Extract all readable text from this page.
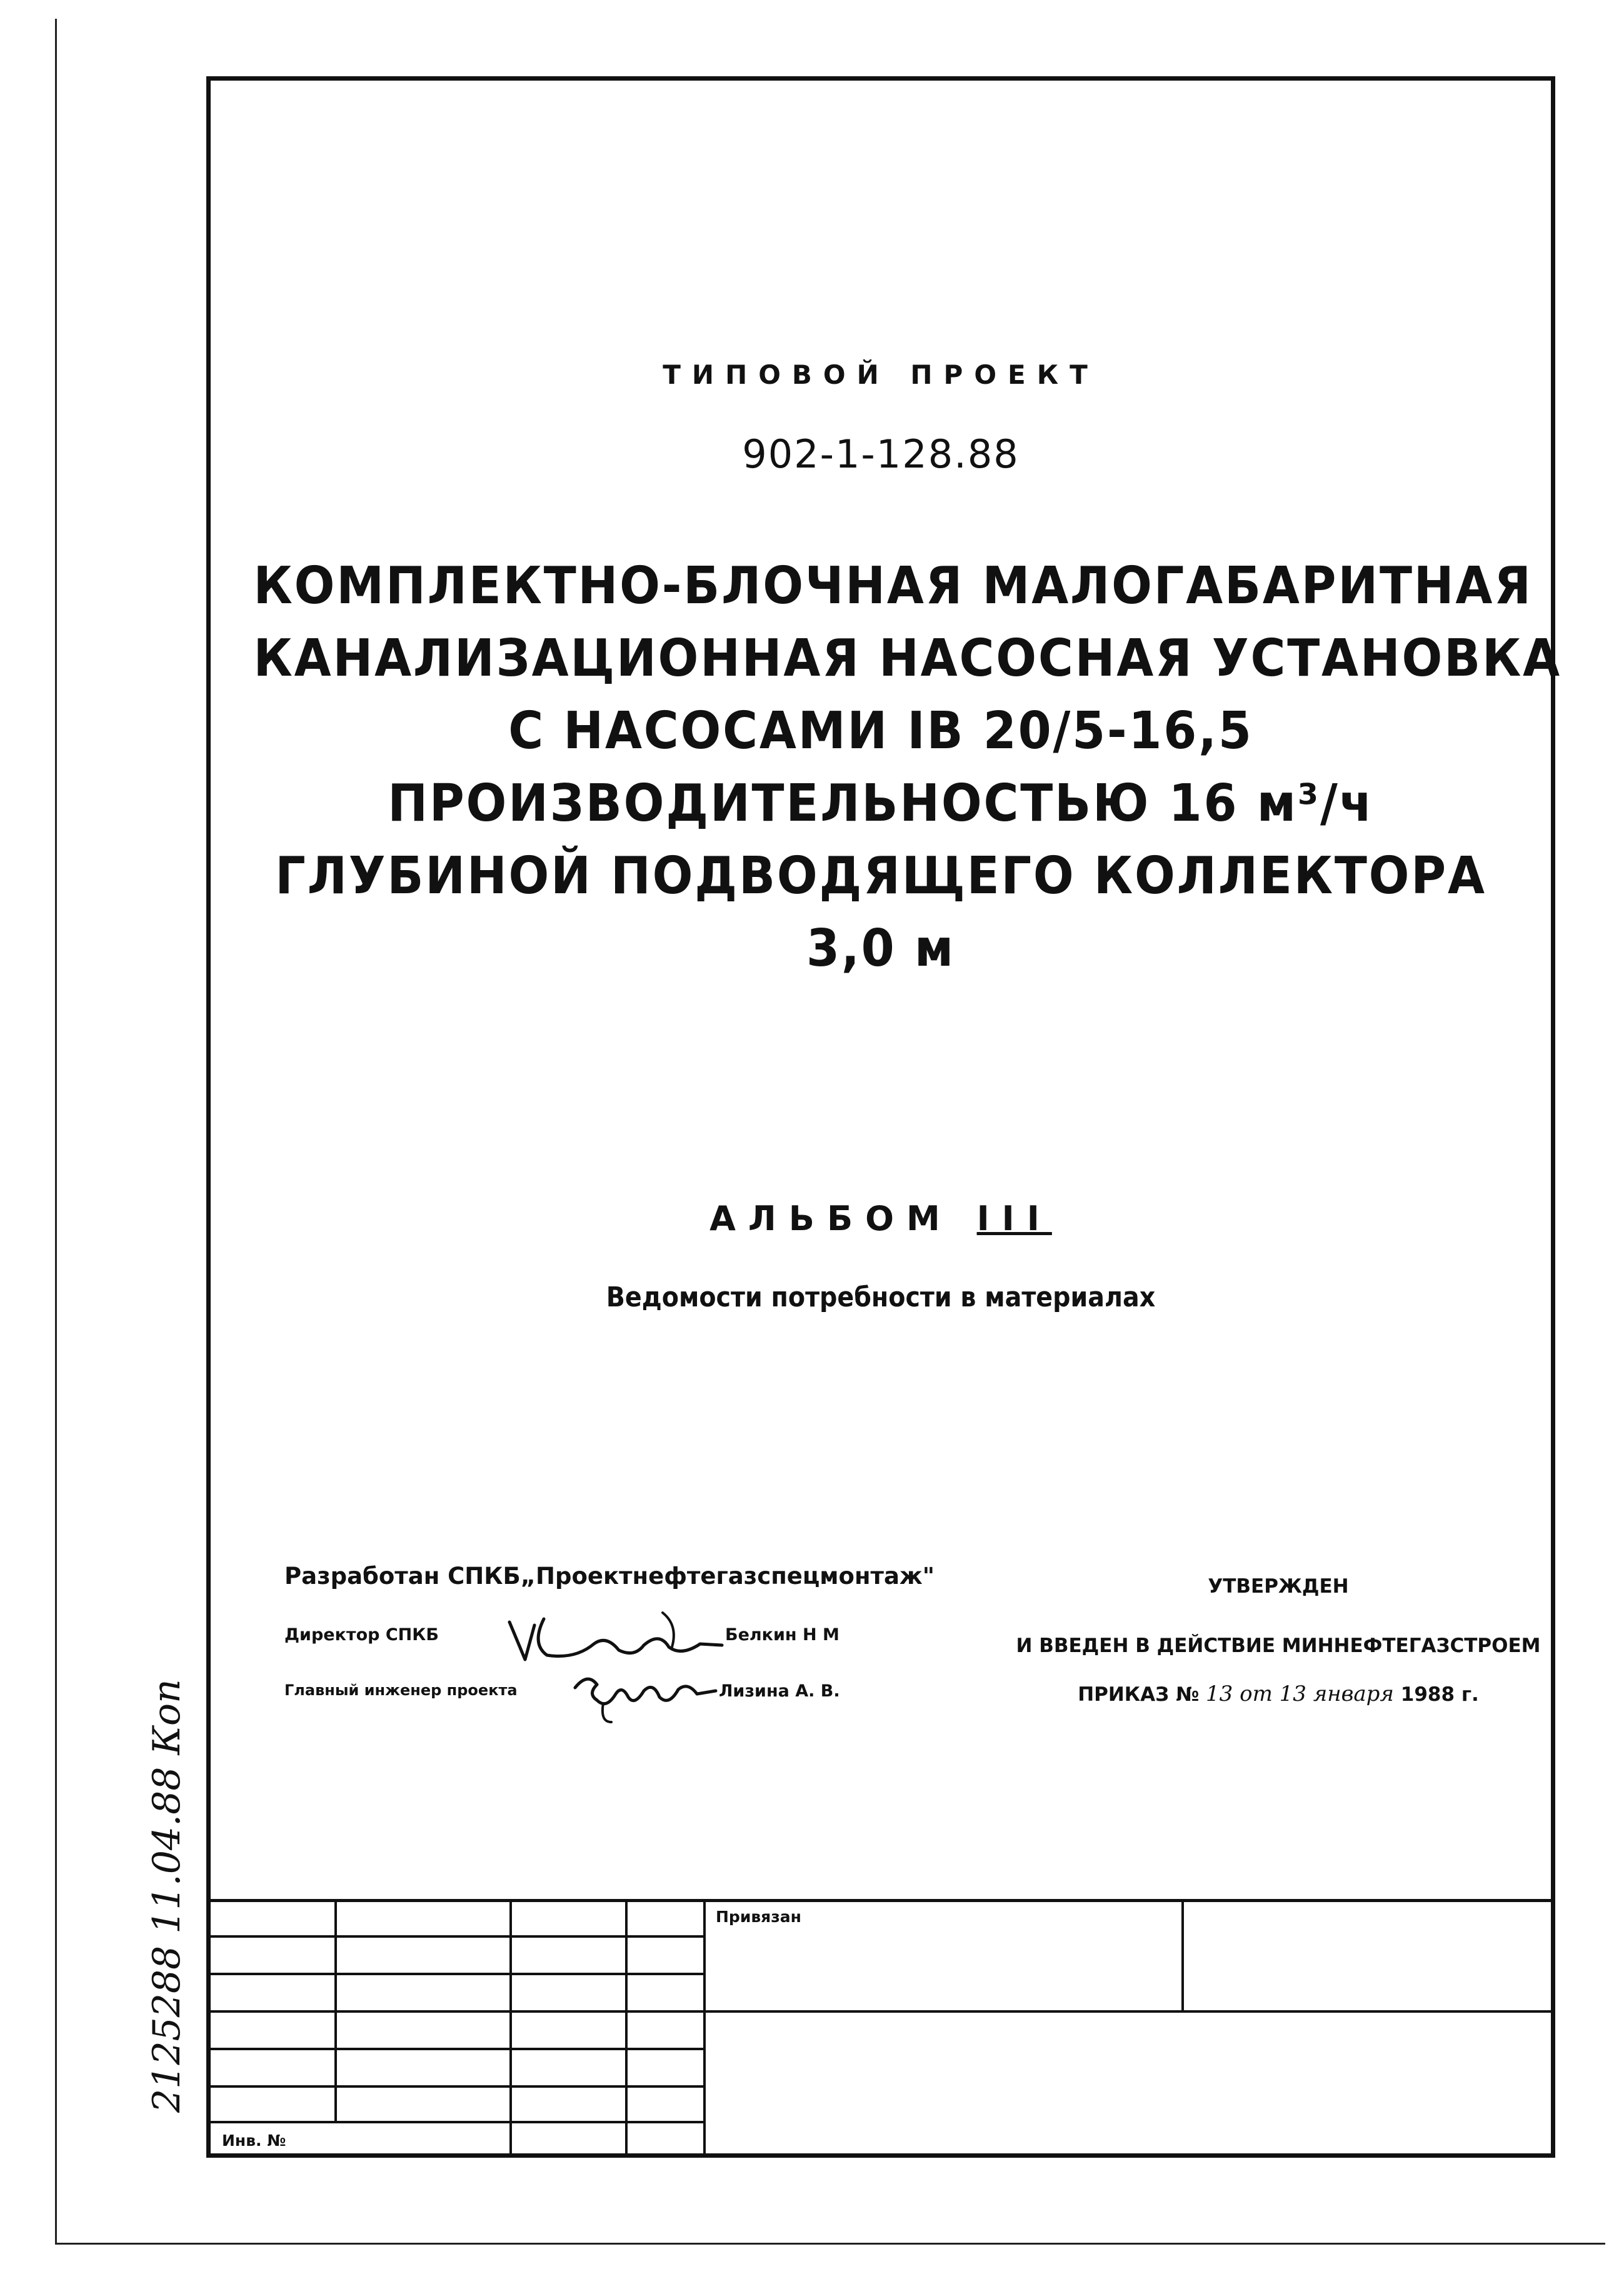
ТИПОВОЙ ПРОЕКТ
902-1-128.88
КОМПЛЕКТНО-БЛОЧНАЯ МАЛОГАБАРИТНАЯ
КАНАЛИЗАЦИОННАЯ НАСОСНАЯ УСТАНОВКА
С НАСОСАМИ IВ 20/5-16,5
ПРОИЗВОДИТЕЛЬНОСТЬЮ 16 м³/ч
ГЛУБИНОЙ ПОДВОДЯЩЕГО КОЛЛЕКТОРА
3,0 м
АЛЬБОМ III
Ведомости потребности в материалах
Разработан СПКБ„Проектнефтегазспецмонтаж"
Директор СПКБ	Белкин Н М
Главный инженер проекта	Лизина А. В.
УТВЕРЖДЕН
И ВВЕДЕН В ДЕЙСТВИЕ МИННЕФТЕГАЗСТРОЕМ
ПРИКАЗ № 13 от 13 января 1988 г.
2125288 11.04.88 Коп	Привязан
Инв. №
